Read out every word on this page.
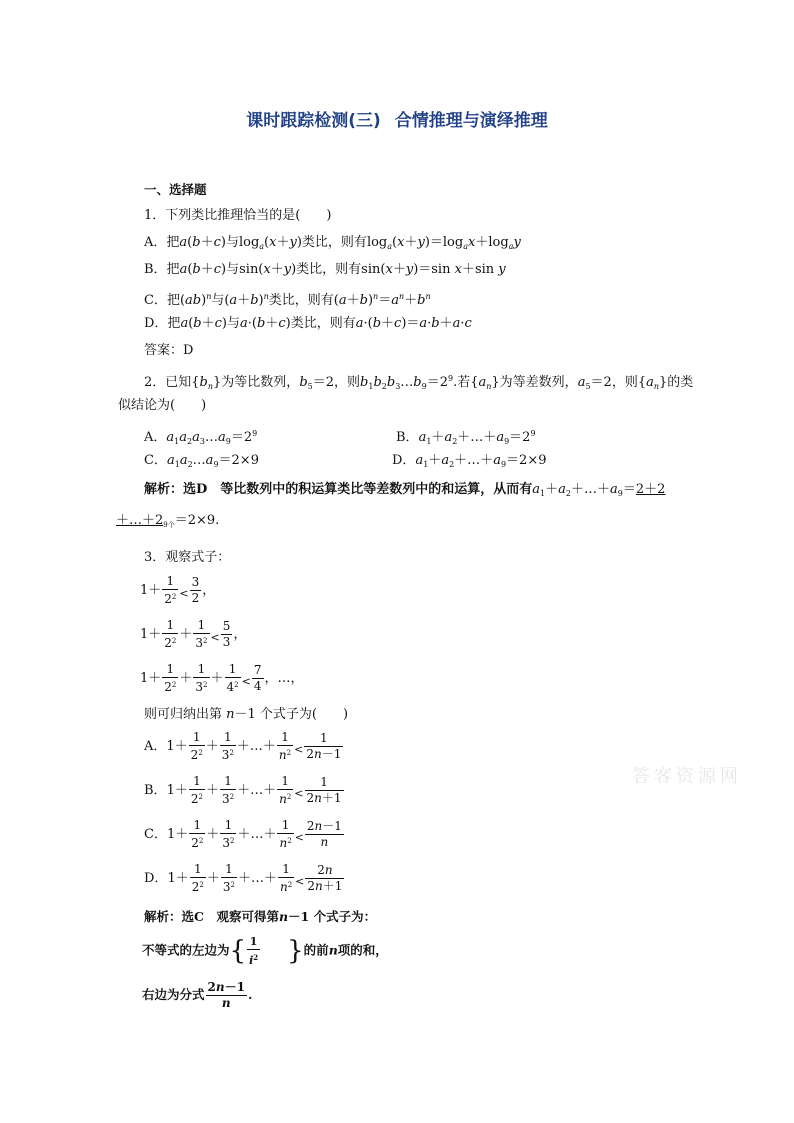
课时跟踪检测(三) 合情推理与演绎推理
一、选择题
1．下列类比推理恰当的是(　　)
A．把a(b＋c)与$\log_a(x+y)$类比，则有$\log_a(x+y)=\log_ax+\log_ay$
B．把a(b＋c)与sin(x＋y)类比，则有sin(x＋y)＝sin x＋sin y
C．把(ab)$^n$与$(a+b)^n$类比，则有$(a+b)^n=a^n+b^n$
D．把a(b＋c)与a·(b＋c)类比，则有a·(b＋c)＝a·b＋a·c
答案：D
2．已知$\{b_n\}$为等比数列，$b_5=2$，则$b_1b_2b_3\dots b_9=2^9$.若$\{a_n\}$为等差数列，$a_5=2$，则$\{a_n\}$的类
似结论为(　　)
A．$a_1a_2a_3\dots a_9=2^9$	B．$a_1+a_2+\dots+a_9=2^9$
C．$a_1a_2\dots a_9=2\times 9$	D．$a_1+a_2+\dots+a_9=2\times 9$
解析：选D　等比数列中的积运算类比等差数列中的和运算，从而有$a_1+a_2+\dots+a_9=2+2$
$+\dots+2_{9个}=2\times 9$.
3．观察式子：
$1+ \frac{1}{2^2} _< \frac{3}{2}$ ，
$1+ \frac{1}{2^2} + \frac{1}{3^2} _< \frac{5}{3}$ ，
$1+ \frac{1}{2^2} + \frac{1}{3^2} + \frac{1}{4^2} _< \frac{7}{4}$ ，…，
则可归纳出第 n－1 个式子为(　　)
A．$1+ \frac{1}{2^2} + \frac{1}{3^2}$ ＋…＋ $\frac{1}{n^2} _< \frac{1}{2n-1}$
B．$1+ \frac{1}{2^2} + \frac{1}{3^2}$ ＋…＋ $\frac{1}{n^2} _< \frac{1}{2n+1}$
C．$1+ \frac{1}{2^2} + \frac{1}{3^2}$ ＋…＋ $\frac{1}{n^2} _< \frac{2n-1}{n}$
D．$1+ \frac{1}{2^2} + \frac{1}{3^2}$ ＋…＋ $\frac{1}{n^2} _< \frac{2n}{2n+1}$
解析：选C　观察可得第n－1 个式子为：
不等式的左边为{ $\frac{1}{i^2}$ }的前n项的和，
右边为分式 $\frac{2n-1}{n}$ .
答客资源网
